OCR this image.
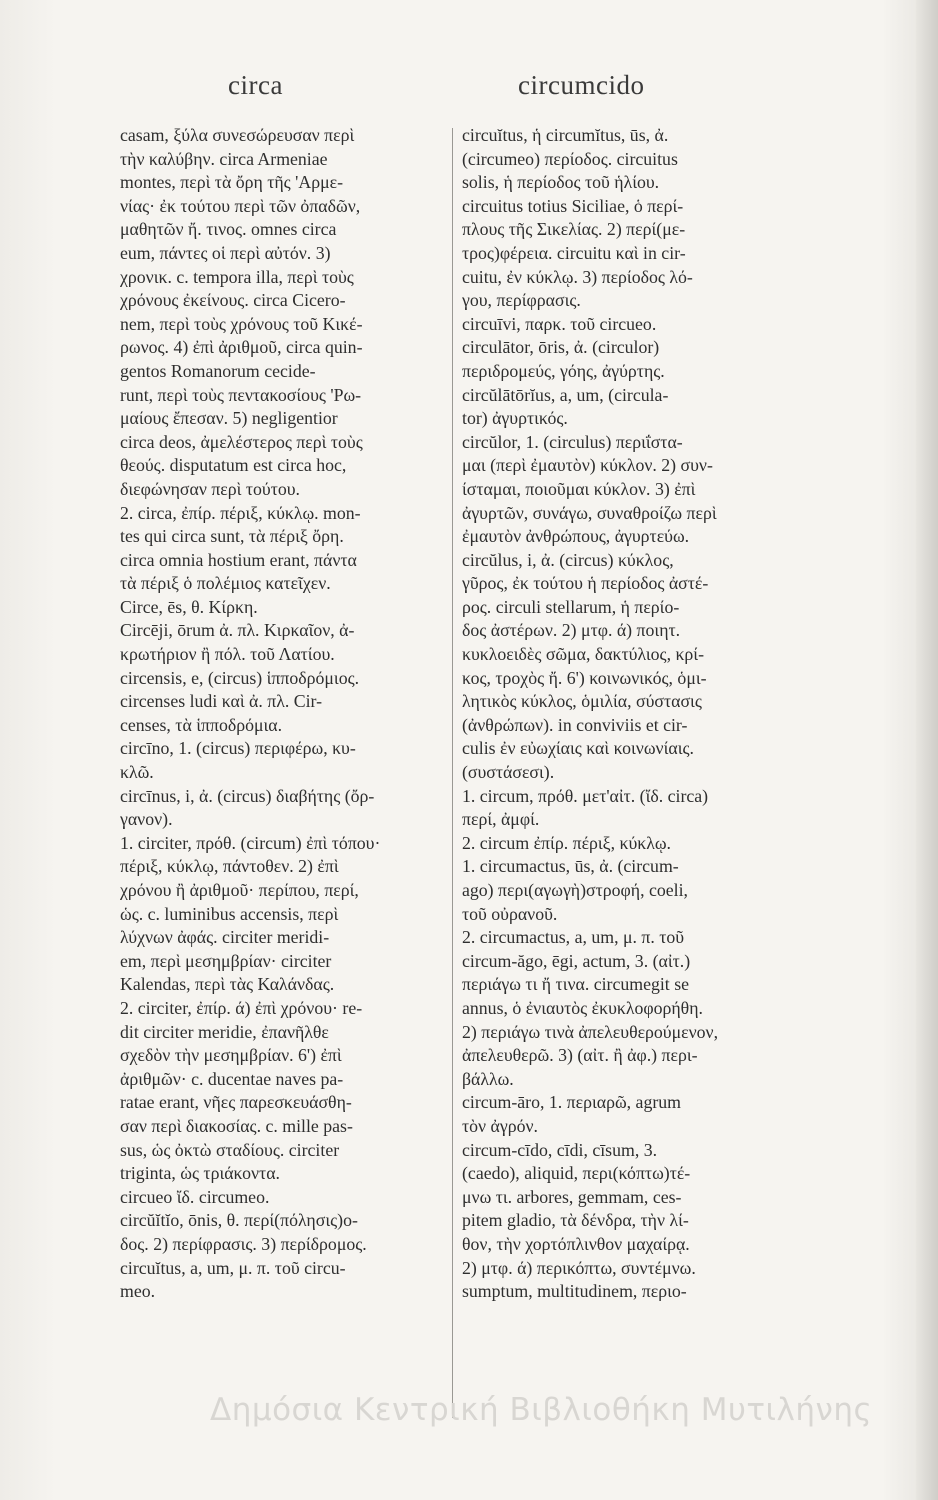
circa	circumcido
casam, ξύλα συνεσώρευσαν περὶ
τὴν καλύβην. circa Armeniae
montes, περὶ τὰ ὄρη τῆς 'Αρμε-
νίας· ἐκ τούτου περὶ τῶν ὀπαδῶν,
μαθητῶν ἤ. τινος. omnes circa
eum, πάντες οἱ περὶ αὐτόν. 3)
χρονικ. c. tempora illa, περὶ τοὺς
χρόνους ἐκείνους. circa Cicero-
nem, περὶ τοὺς χρόνους τοῦ Κικέ-
ρωνος. 4) ἐπὶ ἀριθμοῦ, circa quin-
gentos Romanorum cecide-
runt, περὶ τοὺς πεντακοσίους 'Ρω-
μαίους ἔπεσαν. 5) negligentior
circa deos, ἀμελέστερος περὶ τοὺς
θεούς. disputatum est circa hoc,
διεφώνησαν περὶ τούτου.
2. circa, ἐπίρ. πέριξ, κύκλῳ. mon-
tes qui circa sunt, τὰ πέριξ ὄρη.
circa omnia hostium erant, πάντα
τὰ πέριξ ὁ πολέμιος κατεῖχεν.
Circe, ēs, θ. Κίρκη.
Circēji, ōrum ἀ. πλ. Κιρκαῖον, ἀ-
κρωτήριον ἢ πόλ. τοῦ Λατίου.
circensis, e, (circus) ἱπποδρόμιος.
circenses ludi καὶ ἀ. πλ. Cir-
censes, τὰ ἱπποδρόμια.
circīno, 1. (circus) περιφέρω, κυ-
κλῶ.
circīnus, i, ἀ. (circus) διαβήτης (ὄρ-
γανον).
1. circiter, πρόθ. (circum) ἐπὶ τόπου·
πέριξ, κύκλῳ, πάντοθεν. 2) ἐπὶ
χρόνου ἢ ἀριθμοῦ· περίπου, περί,
ὡς. c. luminibus accensis, περὶ
λύχνων ἀφάς. circiter meridi-
em, περὶ μεσημβρίαν· circiter
Kalendas, περὶ τὰς Καλάνδας.
2. circiter, ἐπίρ. ά) ἐπὶ χρόνου· re-
dit circiter meridie, ἐπανῆλθε
σχεδὸν τὴν μεσημβρίαν. 6') ἐπὶ
ἀριθμῶν· c. ducentae naves pa-
ratae erant, νῆες παρεσκευάσθη-
σαν περὶ διακοσίας. c. mille pas-
sus, ὡς ὀκτὼ σταδίους. circiter
triginta, ὡς τριάκοντα.
circueo ἴδ. circumeo.
circŭĭtĭo, ōnis, θ. περί(πόλησις)ο-
δος. 2) περίφρασις. 3) περίδρομος.
circuĭtus, a, um, μ. π. τοῦ circu-
meo.
circuĭtus, ἡ circumĭtus, ūs, ἀ.
(circumeo) περίοδος. circuitus
solis, ἡ περίοδος τοῦ ἡλίου.
circuitus totius Siciliae, ὁ περί-
πλους τῆς Σικελίας. 2) περί(με-
τρος)φέρεια. circuitu καὶ in cir-
cuitu, ἐν κύκλῳ. 3) περίοδος λό-
γου, περίφρασις.
circuīvi, παρκ. τοῦ circueo.
circulātor, ōris, ἀ. (circulor)
περιδρομεύς, γόης, ἀγύρτης.
circŭlātōrĭus, a, um, (circula-
tor) ἀγυρτικός.
circŭlor, 1. (circulus) περιΐστα-
μαι (περὶ ἐμαυτὸν) κύκλον. 2) συν-
ίσταμαι, ποιοῦμαι κύκλον. 3) ἐπὶ
ἀγυρτῶν, συνάγω, συναθροίζω περὶ
ἐμαυτὸν ἀνθρώπους, ἀγυρτεύω.
circŭlus, i, ἀ. (circus) κύκλος,
γῦρος, ἐκ τούτου ἡ περίοδος ἀστέ-
ρος. circuli stellarum, ἡ περίο-
δος ἀστέρων. 2) μτφ. ά) ποιητ.
κυκλοειδὲς σῶμα, δακτύλιος, κρί-
κος, τροχὸς ἤ. 6') κοινωνικός, ὁμι-
λητικὸς κύκλος, ὁμιλία, σύστασις
(ἀνθρώπων). in conviviis et cir-
culis ἐν εὐωχίαις καὶ κοινωνίαις.
(συστάσεσι).
1. circum, πρόθ. μετ'αἰτ. (ἴδ. circa)
περί, ἀμφί.
2. circum ἐπίρ. πέριξ, κύκλῳ.
1. circumactus, ūs, ἀ. (circum-
ago) περι(αγωγὴ)στροφή, coeli,
τοῦ οὐρανοῦ.
2. circumactus, a, um, μ. π. τοῦ
circum-ăgo, ēgi, actum, 3. (αἰτ.)
περιάγω τι ἤ τινα. circumegit se
annus, ὁ ἐνιαυτὸς ἐκυκλοφορήθη.
2) περιάγω τινὰ ἀπελευθερούμενον,
ἀπελευθερῶ. 3) (αἰτ. ἢ ἀφ.) περι-
βάλλω.
circum-āro, 1. περιαρῶ, agrum
τὸν ἀγρόν.
circum-cīdo, cīdi, cīsum, 3.
(caedo), aliquid, περι(κόπτω)τέ-
μνω τι. arbores, gemmam, ces-
pitem gladio, τὰ δένδρα, τὴν λί-
θον, τὴν χορτόπλινθον μαχαίρᾳ.
2) μτφ. ά) περικόπτω, συντέμνω.
sumptum, multitudinem, περιο-
Δημόσια Κεντρική Βιβλιοθήκη Μυτιλήνης
